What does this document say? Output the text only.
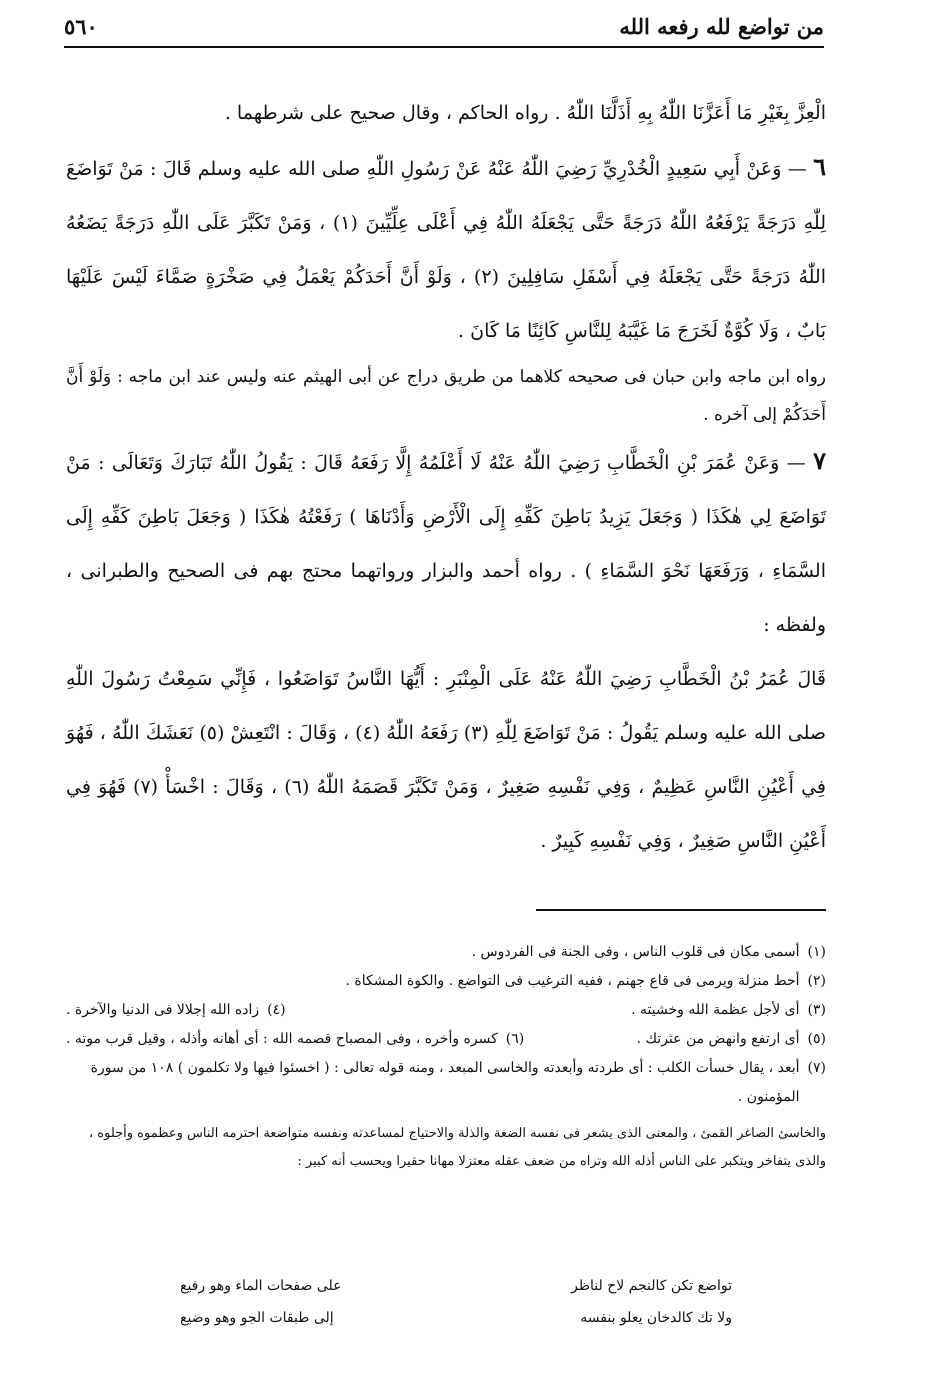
من تواضع لله رفعه الله
٥٦٠

الْعِزَّ بِغَيْرِ مَا أَعَزَّنَا اللّٰهُ بِهِ أَذَلَّنَا اللّٰهُ . رواه الحاكم ، وقال صحيح على شرطهما .

٦ — وَعَنْ أَبِي سَعِيدٍ الْخُدْرِيِّ رَضِيَ اللّٰهُ عَنْهُ عَنْ رَسُولِ اللّٰهِ صلى الله عليه وسلم قَالَ : مَنْ تَوَاضَعَ لِلّٰهِ دَرَجَةً يَرْفَعُهُ اللّٰهُ دَرَجَةً حَتَّى يَجْعَلَهُ اللّٰهُ فِي أَعْلَى عِلِّيِّينَ (١) ، وَمَنْ تَكَبَّرَ عَلَى اللّٰهِ دَرَجَةً يَضَعُهُ اللّٰهُ دَرَجَةً حَتَّى يَجْعَلَهُ فِي أَسْفَلِ سَافِلِينَ (٢) ، وَلَوْ أَنَّ أَحَدَكُمْ يَعْمَلُ فِي صَخْرَةٍ صَمَّاءَ لَيْسَ عَلَيْهَا بَابٌ ، وَلَا كُوَّةٌ لَخَرَجَ مَا غَيَّبَهُ لِلنَّاسِ كَائِنًا مَا كَانَ .

رواه ابن ماجه وابن حبان فى صحيحه كلاهما من طريق دراج عن أبى الهيثم عنه وليس عند ابن ماجه : وَلَوْ أَنَّ أَحَدَكُمْ إلى آخره .

٧ — وَعَنْ عُمَرَ بْنِ الْخَطَّابِ رَضِيَ اللّٰهُ عَنْهُ لَا أَعْلَمُهُ إِلَّا رَفَعَهُ قَالَ : يَقُولُ اللّٰهُ تَبَارَكَ وَتَعَالَى : مَنْ تَوَاضَعَ لِي هٰكَذَا ( وَجَعَلَ يَزِيدُ بَاطِنَ كَفِّهِ إِلَى الْأَرْضِ وَأَدْنَاهَا ) رَفَعْتُهُ هٰكَذَا ( وَجَعَلَ بَاطِنَ كَفِّهِ إِلَى السَّمَاءِ ، وَرَفَعَهَا نَحْوَ السَّمَاءِ ) . رواه أحمد والبزار ورواتهما محتج بهم فى الصحيح والطبرانى ، ولفظه :

قَالَ عُمَرُ بْنُ الْخَطَّابِ رَضِيَ اللّٰهُ عَنْهُ عَلَى الْمِنْبَرِ : أَيُّهَا النَّاسُ تَوَاضَعُوا ، فَإِنِّي سَمِعْتُ رَسُولَ اللّٰهِ صلى الله عليه وسلم يَقُولُ : مَنْ تَوَاضَعَ لِلّٰهِ (٣) رَفَعَهُ اللّٰهُ (٤) ، وَقَالَ : انْتَعِشْ (٥) نَعَشَكَ اللّٰهُ ، فَهُوَ فِي أَعْيُنِ النَّاسِ عَظِيمٌ ، وَفِي نَفْسِهِ صَغِيرٌ ، وَمَنْ تَكَبَّرَ قَصَمَهُ اللّٰهُ (٦) ، وَقَالَ : اخْسَأْ (٧) فَهُوَ فِي أَعْيُنِ النَّاسِ صَغِيرٌ ، وَفِي نَفْسِهِ كَبِيرٌ .

(١)
أسمى مكان فى قلوب الناس ، وفى الجنة فى الفردوس .

(٢)
أحط منزلة ويرمى فى قاع جهنم ، ففيه الترغيب فى التواضع . والكوة المشكاة .

(٣)
أى لأجل عظمة الله وخشيته .

(٤)
زاده الله إجلالا فى الدنيا والآخرة .

(٥)
أى ارتفع وانهض من عثرتك .

(٦)
كسره وأخره ، وفى المصباح قصمه الله : أى أهانه وأذله ، وقيل قرب موته .

(٧)
أبعد ، يقال خسأت الكلب : أى طردته وأبعدته والخاسى المبعد ، ومنه قوله تعالى : ( اخسئوا فيها ولا تكلمون ) ١٠٨ من سورة المؤمنون .

والخاسئ الصاغر القمئ ، والمعنى الذى يشعر فى نفسه الضعة والذلة والاحتياج لمساعدته ونفسه متواضعة احترمه الناس وعظموه وأجلوه ، والذى يتفاخر ويتكبر على الناس أذله الله وتراه من ضعف عقله معتزلا مهانا حقيرا ويحسب أنه كبير :

تواضع تكن كالنجم لاح لناظر
على صفحات الماء وهو رفيع
ولا تك كالدخان يعلو بنفسه
إلى طبقات الجو وهو وضيع
